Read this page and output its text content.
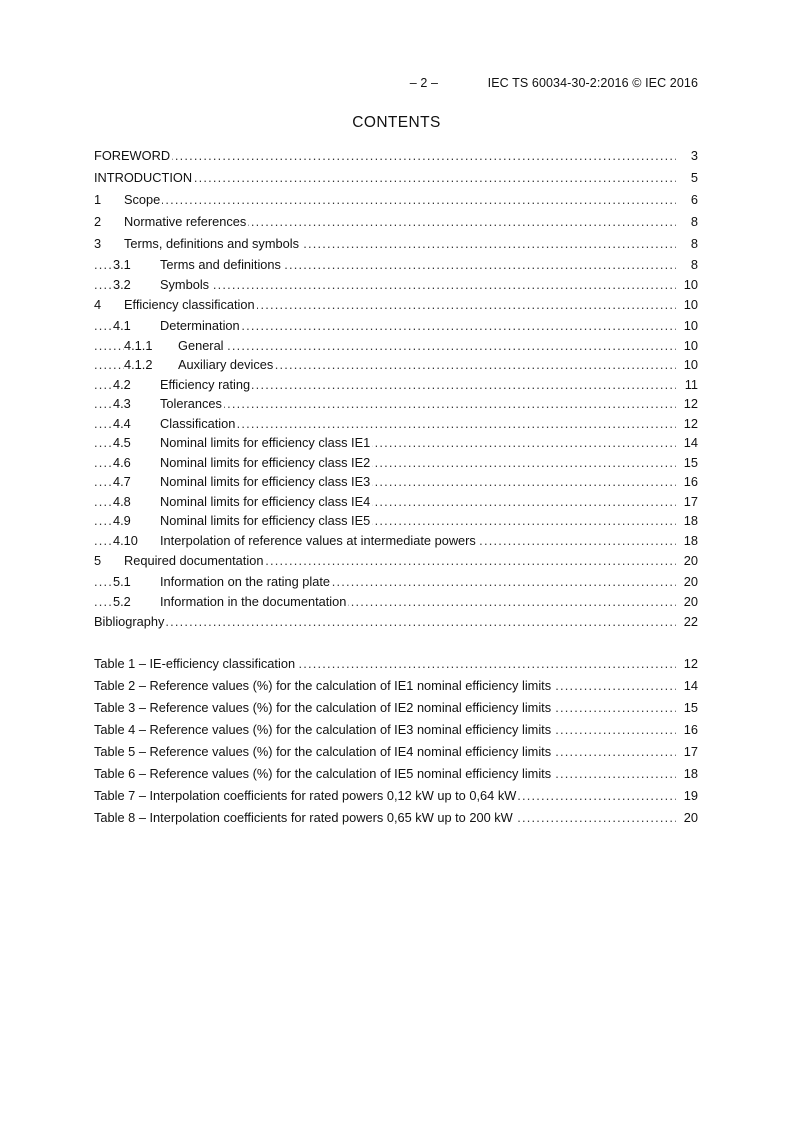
– 2 –	IEC TS 60034-30-2:2016 © IEC 2016
CONTENTS
.....
FOREWORD	3
.....
INTRODUCTION	5
.....
1 Scope	6
.....
2 Normative references	8
.....
3 Terms, definitions and symbols	8
.....
3.1 Terms and definitions	8
.....
3.2 Symbols	10
.....
4 Efficiency classification	10
.....
4.1 Determination	10
.....
4.1.1 General	10
.....
4.1.2 Auxiliary devices	10
.....
4.2 Efficiency rating	11
.....
4.3 Tolerances	12
.....
4.4 Classification	12
.....
4.5 Nominal limits for efficiency class IE1	14
.....
4.6 Nominal limits for efficiency class IE2	15
.....
4.7 Nominal limits for efficiency class IE3	16
.....
4.8 Nominal limits for efficiency class IE4	17
.....
4.9 Nominal limits for efficiency class IE5	18
.....
4.10 Interpolation of reference values at intermediate powers	18
.....
5 Required documentation	20
.....
5.1 Information on the rating plate	20
.....
5.2 Information in the documentation	20
.....
Bibliography	22
.....
Table 1 – IE-efficiency classification	12
.....
Table 2 – Reference values (%) for the calculation of IE1 nominal efficiency limits	14
.....
Table 3 – Reference values (%) for the calculation of IE2 nominal efficiency limits	15
.....
Table 4 – Reference values (%) for the calculation of IE3 nominal efficiency limits	16
.....
Table 5 – Reference values (%) for the calculation of IE4 nominal efficiency limits	17
.....
Table 6 – Reference values (%) for the calculation of IE5 nominal efficiency limits	18
.....
Table 7 – Interpolation coefficients for rated powers 0,12 kW up to 0,64 kW	19
.....
Table 8 – Interpolation coefficients for rated powers 0,65 kW up to 200 kW	20
